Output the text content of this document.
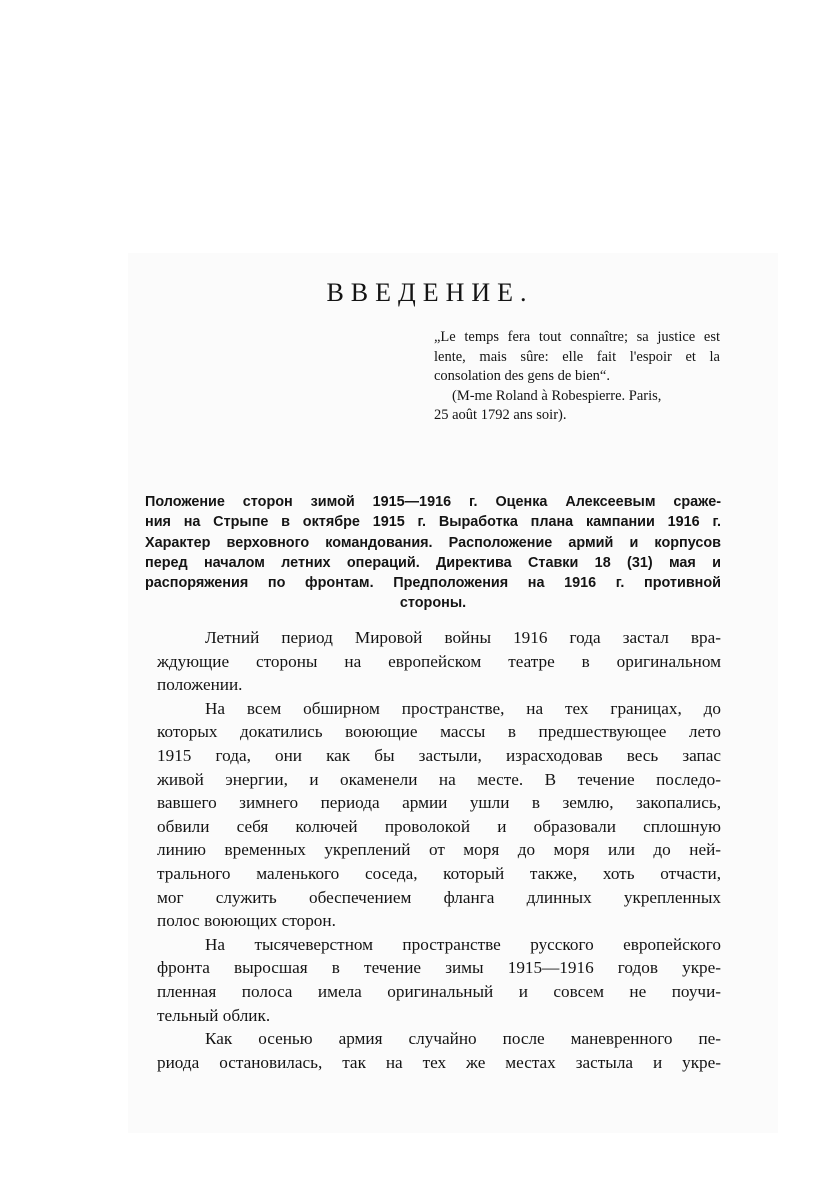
ВВЕДЕНИЕ.

„Le temps fera tout connaître; sa justice est lente, mais sûre: elle fait l'espoir et la consolation des gens de bien“.

(M-me Roland à Robespierre. Paris,

25 août 1792 ans soir).

Положение сторон зимой 1915—1916 г. Оценка Алексеевым сраже-
ния на Стрыпе в октябре 1915 г. Выработка плана кампании 1916 г.
Характер верховного командования. Расположение армий и корпусов
перед началом летних операций. Директива Ставки 18 (31) мая и
распоряжения по фронтам. Предположения на 1916 г. противной
стороны.
Летний период Мировой войны 1916 года застал вра-
ждующие стороны на европейском театре в оригинальном
положении.
На всем обширном пространстве, на тех границах, до
которых докатились воюющие массы в предшествующее лето
1915 года, они как бы застыли, израсходовав весь запас
живой энергии, и окаменели на месте. В течение последо-
вавшего зимнего периода армии ушли в землю, закопались,
обвили себя колючей проволокой и образовали сплошную
линию временных укреплений от моря до моря или до ней-
трального маленького соседа, который также, хоть отчасти,
мог служить обеспечением фланга длинных укрепленных
полос воюющих сторон.
На тысячеверстном пространстве русского европейского
фронта выросшая в течение зимы 1915—1916 годов укре-
пленная полоса имела оригинальный и совсем не поучи-
тельный облик.
Как осенью армия случайно после маневренного пе-
риода остановилась, так на тех же местах застыла и укре-
